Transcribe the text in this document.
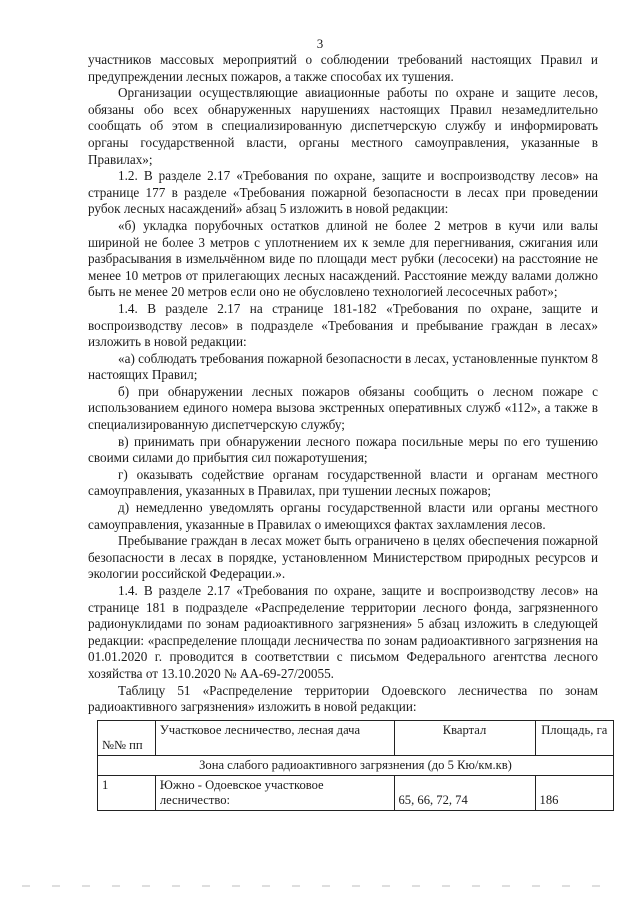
3

участников массовых мероприятий о соблюдении требований настоящих Правил и предупреждении лесных пожаров, а также способах их тушения.

Организации осуществляющие авиационные работы по охране и защите лесов, обязаны обо всех обнаруженных нарушениях настоящих Правил незамедлительно сообщать об этом в специализированную диспетчерскую службу и информировать органы государственной власти, органы местного самоуправления, указанные в Правилах»;

1.2. В разделе 2.17 «Требования по охране, защите и воспроизводству лесов» на странице 177 в разделе «Требования пожарной безопасности в лесах при проведении рубок лесных насаждений» абзац 5 изложить в новой редакции:

«б) укладка порубочных остатков длиной не более 2 метров в кучи или валы шириной не более 3 метров с уплотнением их к земле для перегнивания, сжигания или разбрасывания в измельчённом виде по площади мест рубки (лесосеки) на расстояние не менее 10 метров от прилегающих лесных насаждений. Расстояние между валами должно быть не менее 20 метров если оно не обусловлено технологией лесосечных работ»;

1.4. В разделе 2.17 на странице 181-182 «Требования по охране, защите и воспроизводству лесов» в подразделе «Требования и пребывание граждан в лесах» изложить в новой редакции:

«а) соблюдать требования пожарной безопасности в лесах, установленные пунктом 8 настоящих Правил;

б) при обнаружении лесных пожаров обязаны сообщить о лесном пожаре с использованием единого номера вызова экстренных оперативных служб «112», а также в специализированную диспетчерскую службу;

в) принимать при обнаружении лесного пожара посильные меры по его тушению своими силами до прибытия сил пожаротушения;

г) оказывать содействие органам государственной власти и органам местного самоуправления, указанных в Правилах, при тушении лесных пожаров;

д) немедленно уведомлять органы государственной власти или органы местного самоуправления, указанные в Правилах о имеющихся фактах захламления лесов.

Пребывание граждан в лесах может быть ограничено в целях обеспечения пожарной безопасности в лесах в порядке, установленном Министерством природных ресурсов и экологии российской Федерации.».

1.4. В разделе 2.17 «Требования по охране, защите и воспроизводству лесов» на странице 181 в подразделе «Распределение территории лесного фонда, загрязненного радионуклидами по зонам радиоактивного загрязнения» 5 абзац изложить в следующей редакции: «распределение площади лесничества по зонам радиоактивного загрязнения на 01.01.2020 г. проводится в соответствии с письмом Федерального агентства лесного хозяйства от 13.10.2020 № АА-69-27/20055.

Таблицу 51 «Распределение территории Одоевского лесничества по зонам радиоактивного загрязнения» изложить в новой редакции:

№№ пп	Участковое лесничество, лесная дача	Квартал	Площадь, га
Зона слабого радиоактивного загрязнения (до 5 Кю/км.кв)			
1	Южно - Одоевское участковое лесничество:	65, 66, 72, 74	186
